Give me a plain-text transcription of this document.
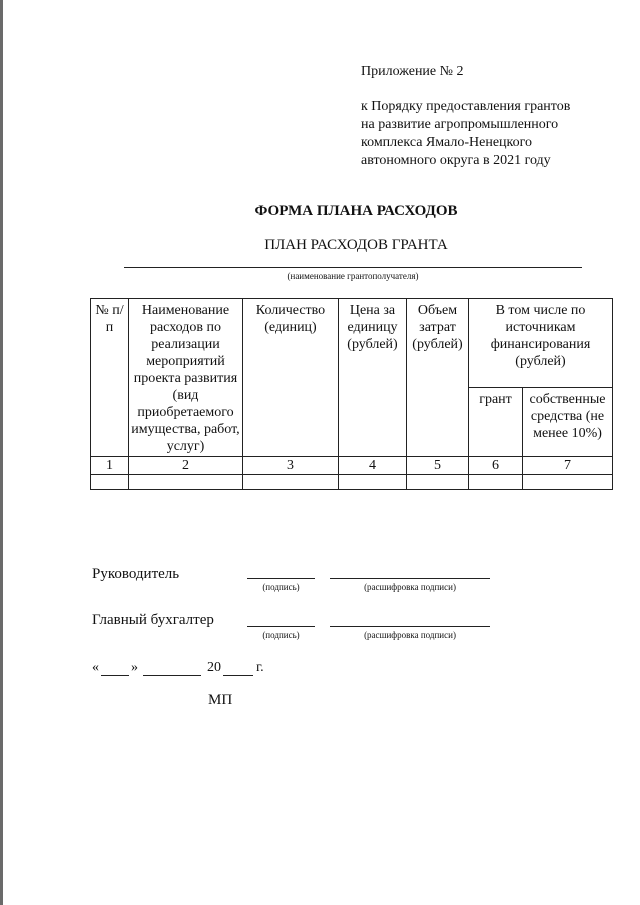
Приложение № 2
к Порядку предоставления грантов
на развитие агропромышленного
комплекса Ямало-Ненецкого
автономного округа в 2021 году
ФОРМА ПЛАНА РАСХОДОВ
ПЛАН РАСХОДОВ ГРАНТА
(наименование грантополучателя)
№ п/п	Наименование расходов по реализации мероприятий проекта развития (вид приобретаемого имущества, работ, услуг)	Количество (единиц)	Цена за единицу (рублей)	Объем затрат (рублей)	В том числе по источникам финансирования (рублей)	
					грант	собственные средства (не менее 10%)
1	2	3	4	5	6	7

Руководитель
(подпись)	(расшифровка подписи)
Главный бухгалтер
(подпись)	(расшифровка подписи)
« »	20	г.
МП
